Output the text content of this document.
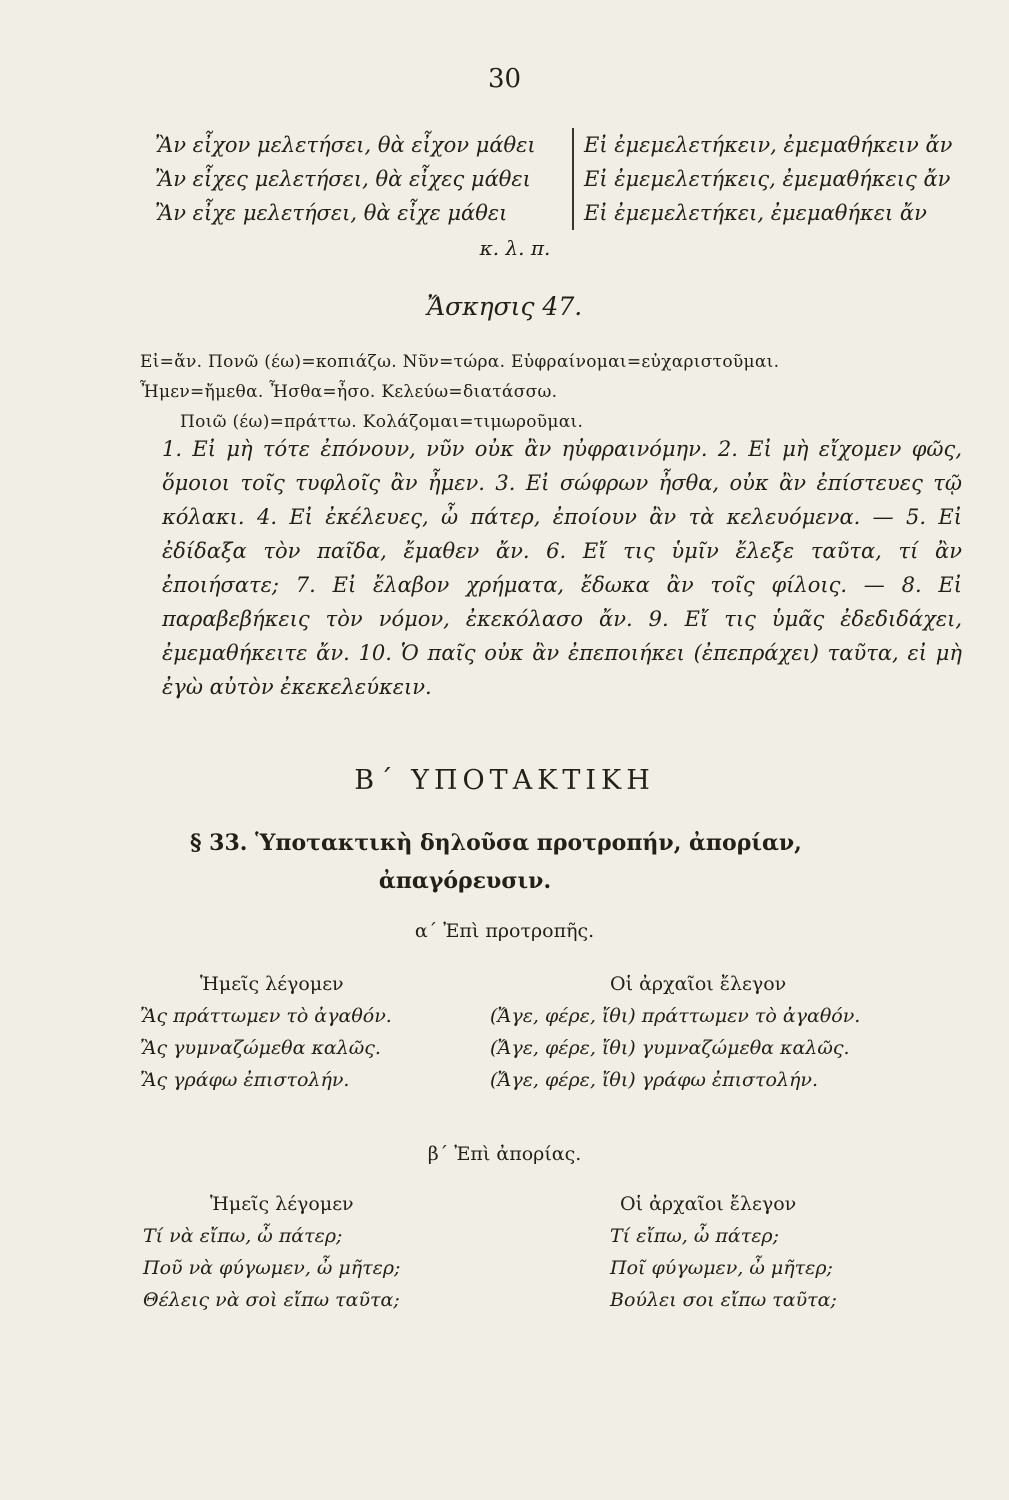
30
Ἂν εἶχον μελετήσει, θὰ εἶχον μάθει	Εἰ ἐμεμελετήκειν, ἐμεμαθήκειν ἄν
Ἂν εἶχες μελετήσει, θὰ εἶχες μάθει	Εἰ ἐμεμελετήκεις, ἐμεμαθήκεις ἄν
Ἂν εἶχε μελετήσει, θὰ εἶχε μάθει	Εἰ ἐμεμελετήκει, ἐμεμαθήκει ἄν
κ. λ. π.
Ἄσκησις 47.
Εἰ=ἄν. Πονῶ (έω)=κοπιάζω. Νῦν=τώρα. Εὐφραίνομαι=εὐχαριστοῦμαι.
Ἦμεν=ἤμεθα. Ἦσθα=ἦσο. Κελεύω=διατάσσω.
Ποιῶ (έω)=πράττω. Κολάζομαι=τιμωροῦμαι.
1. Εἰ μὴ τότε ἐπόνουν, νῦν οὐκ ἂν ηὐφραινόμην. 2. Εἰ μὴ εἴχομεν φῶς, ὅμοιοι τοῖς τυφλοῖς ἂν ἦμεν. 3. Εἰ σώφρων ἦσθα, οὐκ ἂν ἐπίστευες τῷ κόλακι. 4. Εἰ ἐκέλευες, ὦ πάτερ, ἐποίουν ἂν τὰ κελευόμενα. — 5. Εἰ ἐδίδαξα τὸν παῖδα, ἔμαθεν ἄν. 6. Εἴ τις ὑμῖν ἔλεξε ταῦτα, τί ἂν ἐποιήσατε; 7. Εἰ ἔλαβον χρήματα, ἔδωκα ἂν τοῖς φίλοις. — 8. Εἰ παραβεβήκεις τὸν νόμον, ἐκεκόλασο ἄν. 9. Εἴ τις ὑμᾶς ἐδεδιδάχει, ἐμεμαθήκειτε ἄν. 10. Ὁ παῖς οὐκ ἂν ἐπεποιήκει (ἐπεπράχει) ταῦτα, εἰ μὴ ἐγὼ αὐτὸν ἐκεκελεύκειν.
Β΄ ΥΠΟΤΑΚΤΙΚΗ
§ 33. Ὑποτακτικὴ δηλοῦσα προτροπήν, ἀπορίαν,
ἀπαγόρευσιν.
α΄ Ἐπὶ προτροπῆς.
Ἡμεῖς λέγομεν	Οἱ ἀρχαῖοι ἔλεγον
Ἂς πράττωμεν τὸ ἀγαθόν.	(Ἄγε, φέρε, ἴθι) πράττωμεν τὸ ἀγαθόν.
Ἂς γυμναζώμεθα καλῶς.	(Ἄγε, φέρε, ἴθι) γυμναζώμεθα καλῶς.
Ἂς γράφω ἐπιστολήν.	(Ἄγε, φέρε, ἴθι) γράφω ἐπιστολήν.
β΄ Ἐπὶ ἀπορίας.
Ἡμεῖς λέγομεν	Οἱ ἀρχαῖοι ἔλεγον
Τί νὰ εἴπω, ὦ πάτερ;	Τί εἴπω, ὦ πάτερ;
Ποῦ νὰ φύγωμεν, ὦ μῆτερ;	Ποῖ φύγωμεν, ὦ μῆτερ;
Θέλεις νὰ σοὶ εἴπω ταῦτα;	Βούλει σοι εἴπω ταῦτα;
